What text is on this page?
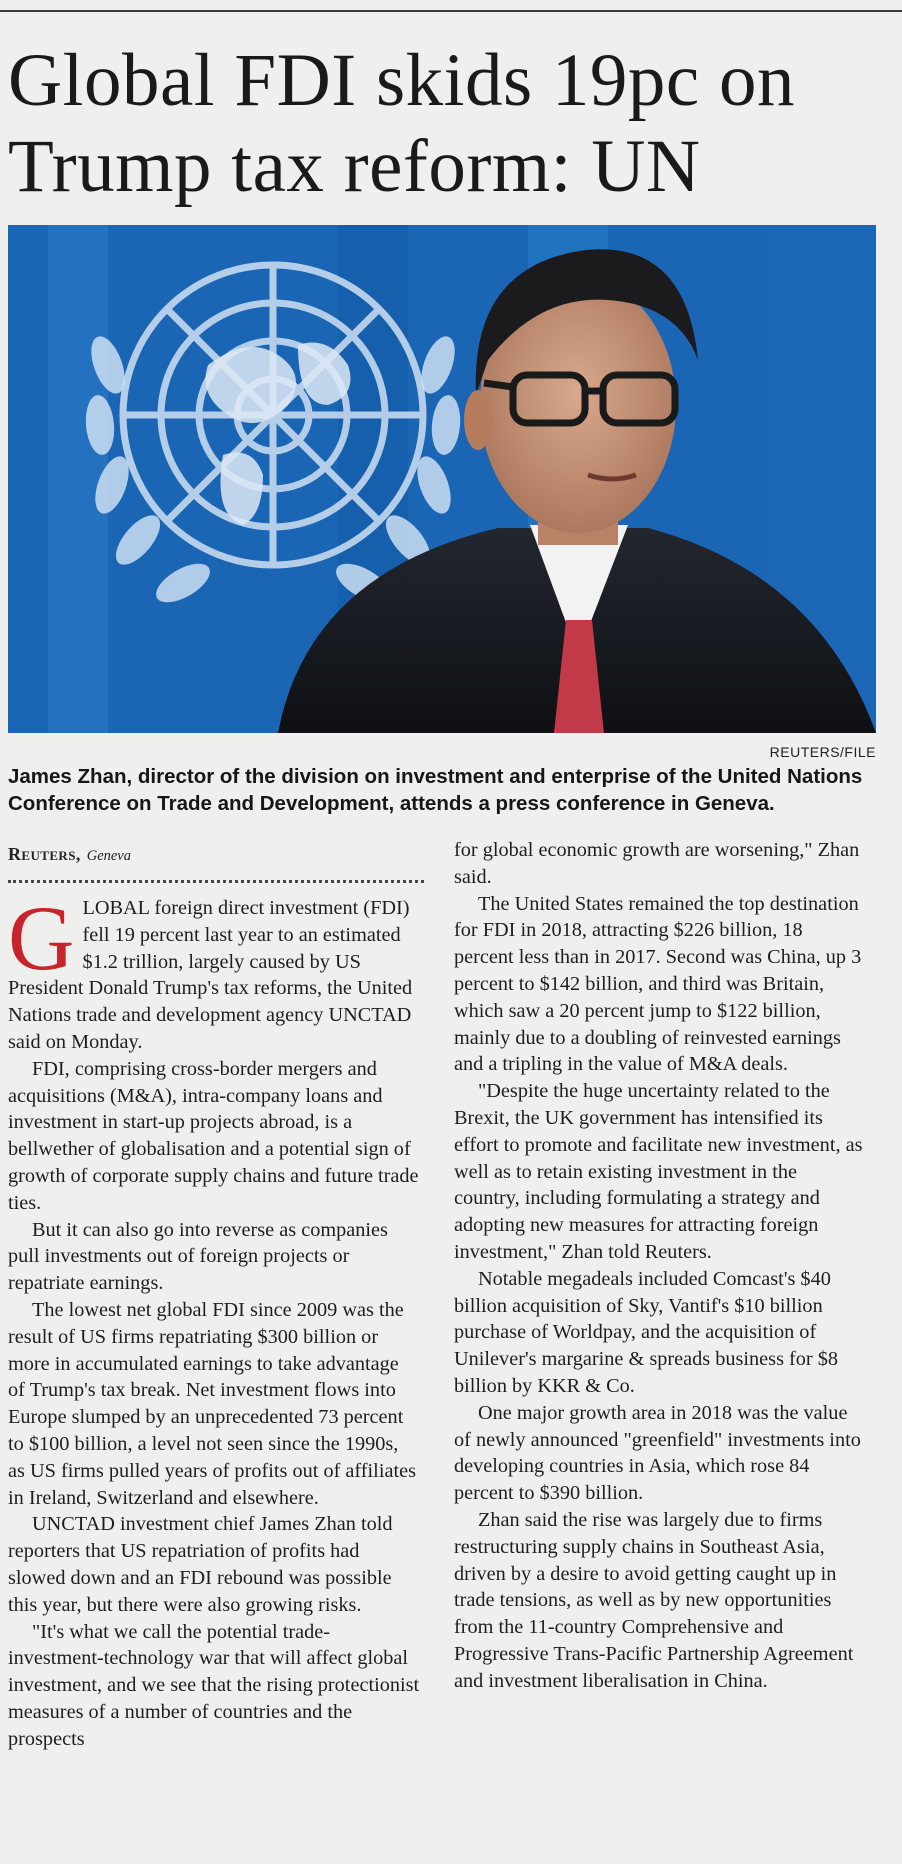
Global FDI skids 19pc on Trump tax reform: UN
REUTERS/FILE
James Zhan, director of the division on investment and enterprise of the United Nations Conference on Trade and Development, attends a press conference in Geneva.
Reuters, Geneva

GLOBAL foreign direct investment (FDI) fell 19 percent last year to an estimated $1.2 trillion, largely caused by US President Donald Trump's tax reforms, the United Nations trade and development agency UNCTAD said on Monday.

FDI, comprising cross-border mergers and acquisitions (M&A), intra-company loans and investment in start-up projects abroad, is a bellwether of globalisation and a potential sign of growth of corporate supply chains and future trade ties.

But it can also go into reverse as companies pull investments out of foreign projects or repatriate earnings.

The lowest net global FDI since 2009 was the result of US firms repatriating $300 billion or more in accumulated earnings to take advantage of Trump's tax break. Net investment flows into Europe slumped by an unprecedented 73 percent to $100 billion, a level not seen since the 1990s, as US firms pulled years of profits out of affiliates in Ireland, Switzerland and elsewhere.

UNCTAD investment chief James Zhan told reporters that US repatriation of profits had slowed down and an FDI rebound was possible this year, but there were also growing risks.

"It's what we call the potential trade-investment-technology war that will affect global investment, and we see that the rising protectionist measures of a number of countries and the prospects

for global economic growth are worsening," Zhan said.

The United States remained the top destination for FDI in 2018, attracting $226 billion, 18 percent less than in 2017. Second was China, up 3 percent to $142 billion, and third was Britain, which saw a 20 percent jump to $122 billion, mainly due to a doubling of reinvested earnings and a tripling in the value of M&A deals.

"Despite the huge uncertainty related to the Brexit, the UK government has intensified its effort to promote and facilitate new investment, as well as to retain existing investment in the country, including formulating a strategy and adopting new measures for attracting foreign investment," Zhan told Reuters.

Notable megadeals included Comcast's $40 billion acquisition of Sky, Vantif's $10 billion purchase of Worldpay, and the acquisition of Unilever's margarine & spreads business for $8 billion by KKR & Co.

One major growth area in 2018 was the value of newly announced "greenfield" investments into developing countries in Asia, which rose 84 percent to $390 billion.

Zhan said the rise was largely due to firms restructuring supply chains in Southeast Asia, driven by a desire to avoid getting caught up in trade tensions, as well as by new opportunities from the 11-country Comprehensive and Progressive Trans-Pacific Partnership Agreement and investment liberalisation in China.
